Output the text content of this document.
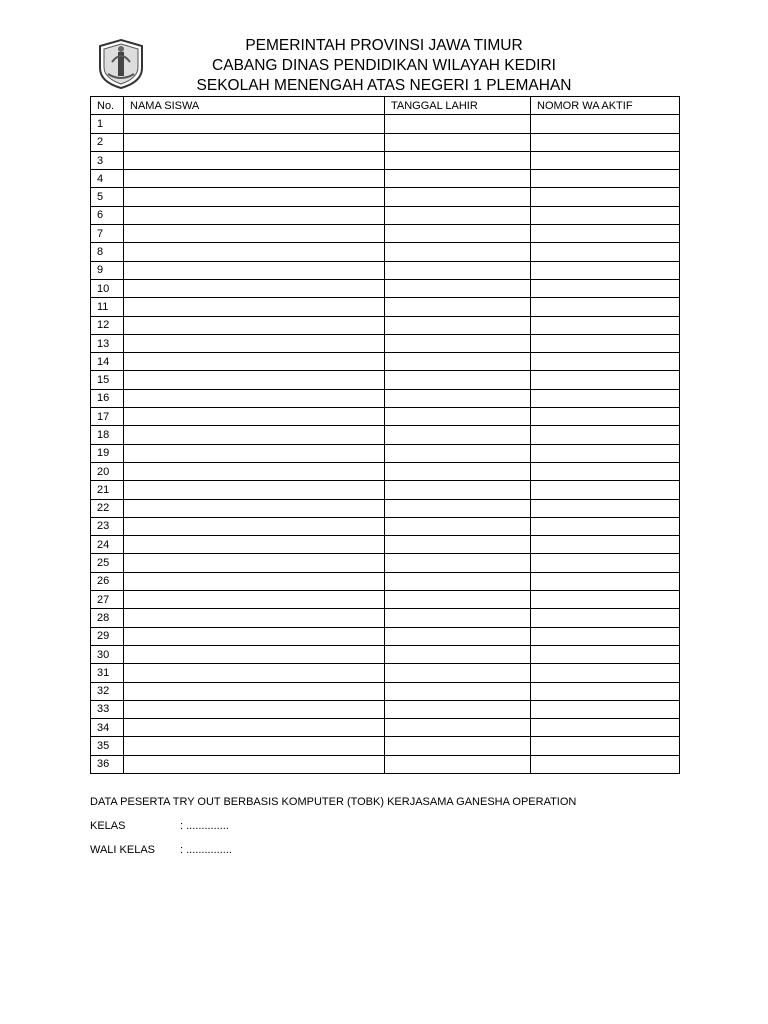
PEMERINTAH PROVINSI JAWA TIMUR
CABANG DINAS PENDIDIKAN WILAYAH KEDIRI
SEKOLAH MENENGAH ATAS NEGERI 1 PLEMAHAN
No.	NAMA SISWA	TANGGAL LAHIR	NOMOR WA AKTIF
1			
2			
3			
4			
5			
6			
7			
8			
9			
10			
11			
12			
13			
14			
15			
16			
17			
18			
19			
20			
21			
22			
23			
24			
25			
26			
27			
28			
29			
30			
31			
32			
33			
34			
35			
36			
DATA PESERTA TRY OUT BERBASIS KOMPUTER (TOBK) KERJASAMA GANESHA OPERATION
KELAS	: ..............
WALI KELAS	: ...............
